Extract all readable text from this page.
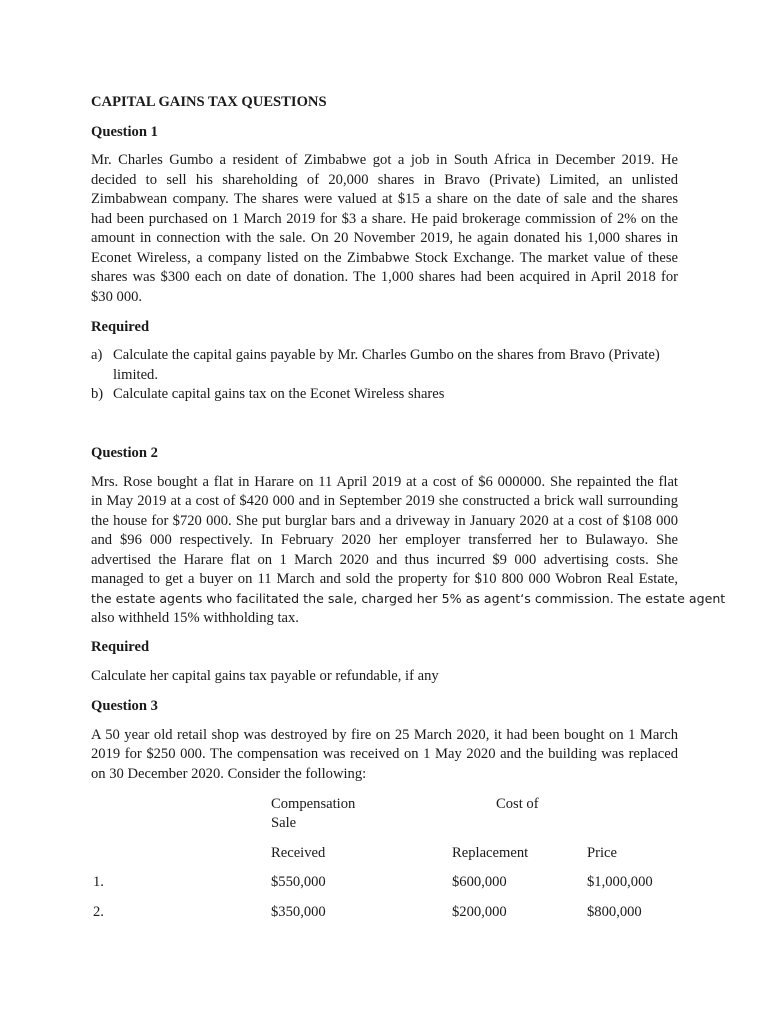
CAPITAL GAINS TAX QUESTIONS
Question 1
Mr. Charles Gumbo a resident of Zimbabwe got a job in South Africa in December 2019. He
decided to sell his shareholding of 20,000 shares in Bravo (Private) Limited, an unlisted
Zimbabwean company. The shares were valued at $15 a share on the date of sale and the shares
had been purchased on 1 March 2019 for $3 a share. He paid brokerage commission of 2% on the
amount in connection with the sale. On 20 November 2019, he again donated his 1,000 shares in
Econet Wireless, a company listed on the Zimbabwe Stock Exchange. The market value of these
shares was $300 each on date of donation. The 1,000 shares had been acquired in April 2018 for
$30 000.
Required
a) Calculate the capital gains payable by Mr. Charles Gumbo on the shares from Bravo (Private)
limited.
b) Calculate capital gains tax on the Econet Wireless shares
Question 2
Mrs. Rose bought a flat in Harare on 11 April 2019 at a cost of $6 000000. She repainted the flat
in May 2019 at a cost of $420 000 and in September 2019 she constructed a brick wall surrounding
the house for $720 000. She put burglar bars and a driveway in January 2020 at a cost of $108 000
and $96 000 respectively. In February 2020 her employer transferred her to Bulawayo. She
advertised the Harare flat on 1 March 2020 and thus incurred $9 000 advertising costs. She
managed to get a buyer on 11 March and sold the property for $10 800 000 Wobron Real Estate,
the estate agents who facilitated the sale, charged her 5% as agent‘s commission. The estate agent
also withheld 15% withholding tax.
Required
Calculate her capital gains tax payable or refundable, if any
Question 3
A 50 year old retail shop was destroyed by fire on 25 March 2020, it had been bought on 1 March
2019 for $250 000. The compensation was received on 1 May 2020 and the building was replaced
on 30 December 2020. Consider the following:
Compensation	Cost of
Sale
Received	Replacement	Price
1.	$550,000	$600,000	$1,000,000
2.	$350,000	$200,000	$800,000
